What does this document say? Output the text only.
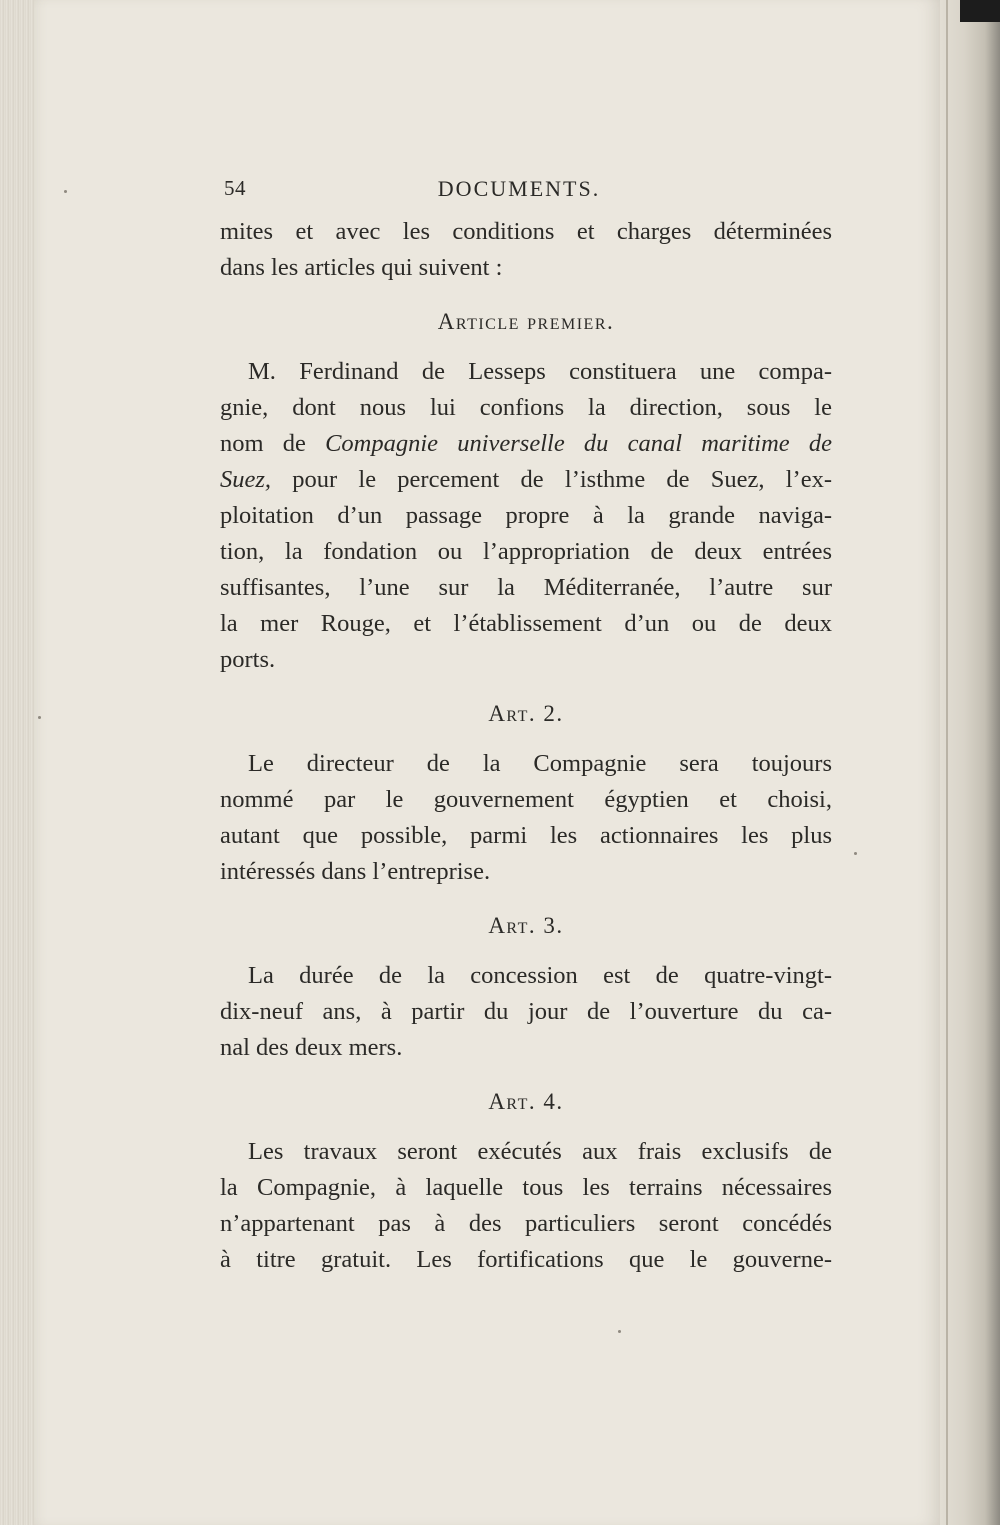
54	DOCUMENTS.
mites et avec les conditions et charges déterminées
dans les articles qui suivent :
Article premier.
M. Ferdinand de Lesseps constituera une compa-
gnie, dont nous lui confions la direction, sous le
nom de Compagnie universelle du canal maritime de
Suez, pour le percement de l’isthme de Suez, l’ex-
ploitation d’un passage propre à la grande naviga-
tion, la fondation ou l’appropriation de deux entrées
suffisantes, l’une sur la Méditerranée, l’autre sur
la mer Rouge, et l’établissement d’un ou de deux
ports.
Art. 2.
Le directeur de la Compagnie sera toujours
nommé par le gouvernement égyptien et choisi,
autant que possible, parmi les actionnaires les plus
intéressés dans l’entreprise.
Art. 3.
La durée de la concession est de quatre-vingt-
dix-neuf ans, à partir du jour de l’ouverture du ca-
nal des deux mers.
Art. 4.
Les travaux seront exécutés aux frais exclusifs de
la Compagnie, à laquelle tous les terrains nécessaires
n’appartenant pas à des particuliers seront concédés
à titre gratuit. Les fortifications que le gouverne-
